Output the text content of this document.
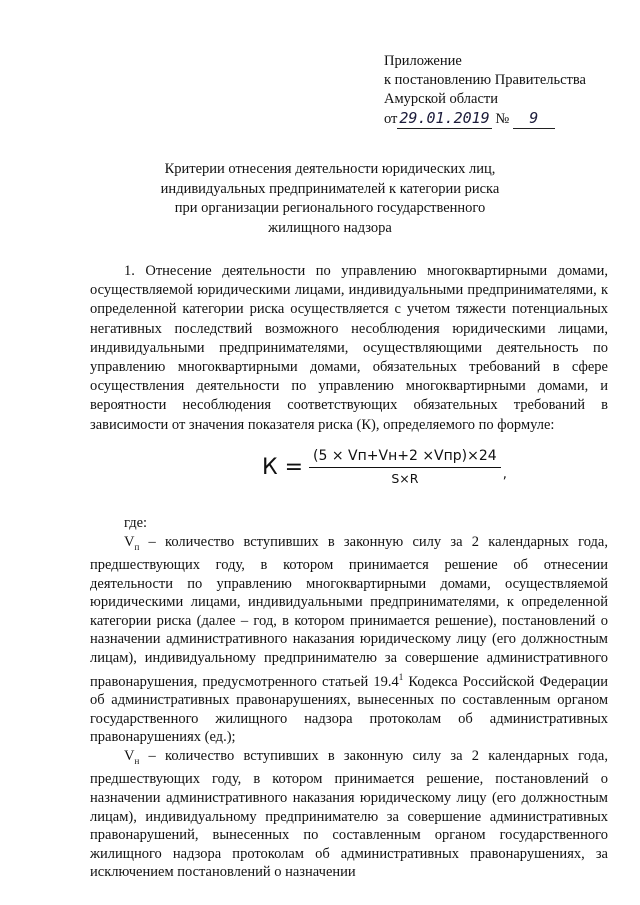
Приложение
к постановлению Правительства
Амурской области
от 29.01.2019 № 9
Критерии отнесения деятельности юридических лиц,
индивидуальных предпринимателей к категории риска
при организации регионального государственного
жилищного надзора

1. Отнесение деятельности по управлению многоквартирными домами, осуществляемой юридическими лицами, индивидуальными предпринимателями, к определенной категории риска осуществляется с учетом тяжести потенциальных негативных последствий возможного несоблюдения юридическими лицами, индивидуальными предпринимателями, осуществляющими деятельность по управлению многоквартирными домами, обязательных требований в сфере осуществления деятельности по управлению многоквартирными домами, и вероятности несоблюдения соответствующих обязательных требований в зависимости от значения показателя риска (К), определяемого по формуле:

$К = \frac{\text{(5 × Vп+Vн+2 ×Vпр)×24}}{S\times R}$ ,

где:

$V_п$ – количество вступивших в законную силу за 2 календарных года, предшествующих году, в котором принимается решение об отнесении деятельности по управлению многоквартирными домами, осуществляемой юридическими лицами, индивидуальными предпринимателями, к определенной категории риска (далее – год, в котором принимается решение), постановлений о назначении административного наказания юридическому лицу (его должностным лицам), индивидуальному предпринимателю за совершение административного правонарушения, предусмотренного статьей 19.4$^1$ Кодекса Российской Федерации об административных правонарушениях, вынесенных по составленным органом государственного жилищного надзора протоколам об административных правонарушениях (ед.);

$V_н$ – количество вступивших в законную силу за 2 календарных года, предшествующих году, в котором принимается решение, постановлений о назначении административного наказания юридическому лицу (его должностным лицам), индивидуальному предпринимателю за совершение административных правонарушений, вынесенных по составленным органом государственного жилищного надзора протоколам об административных правонарушениях, за исключением постановлений о назначении
